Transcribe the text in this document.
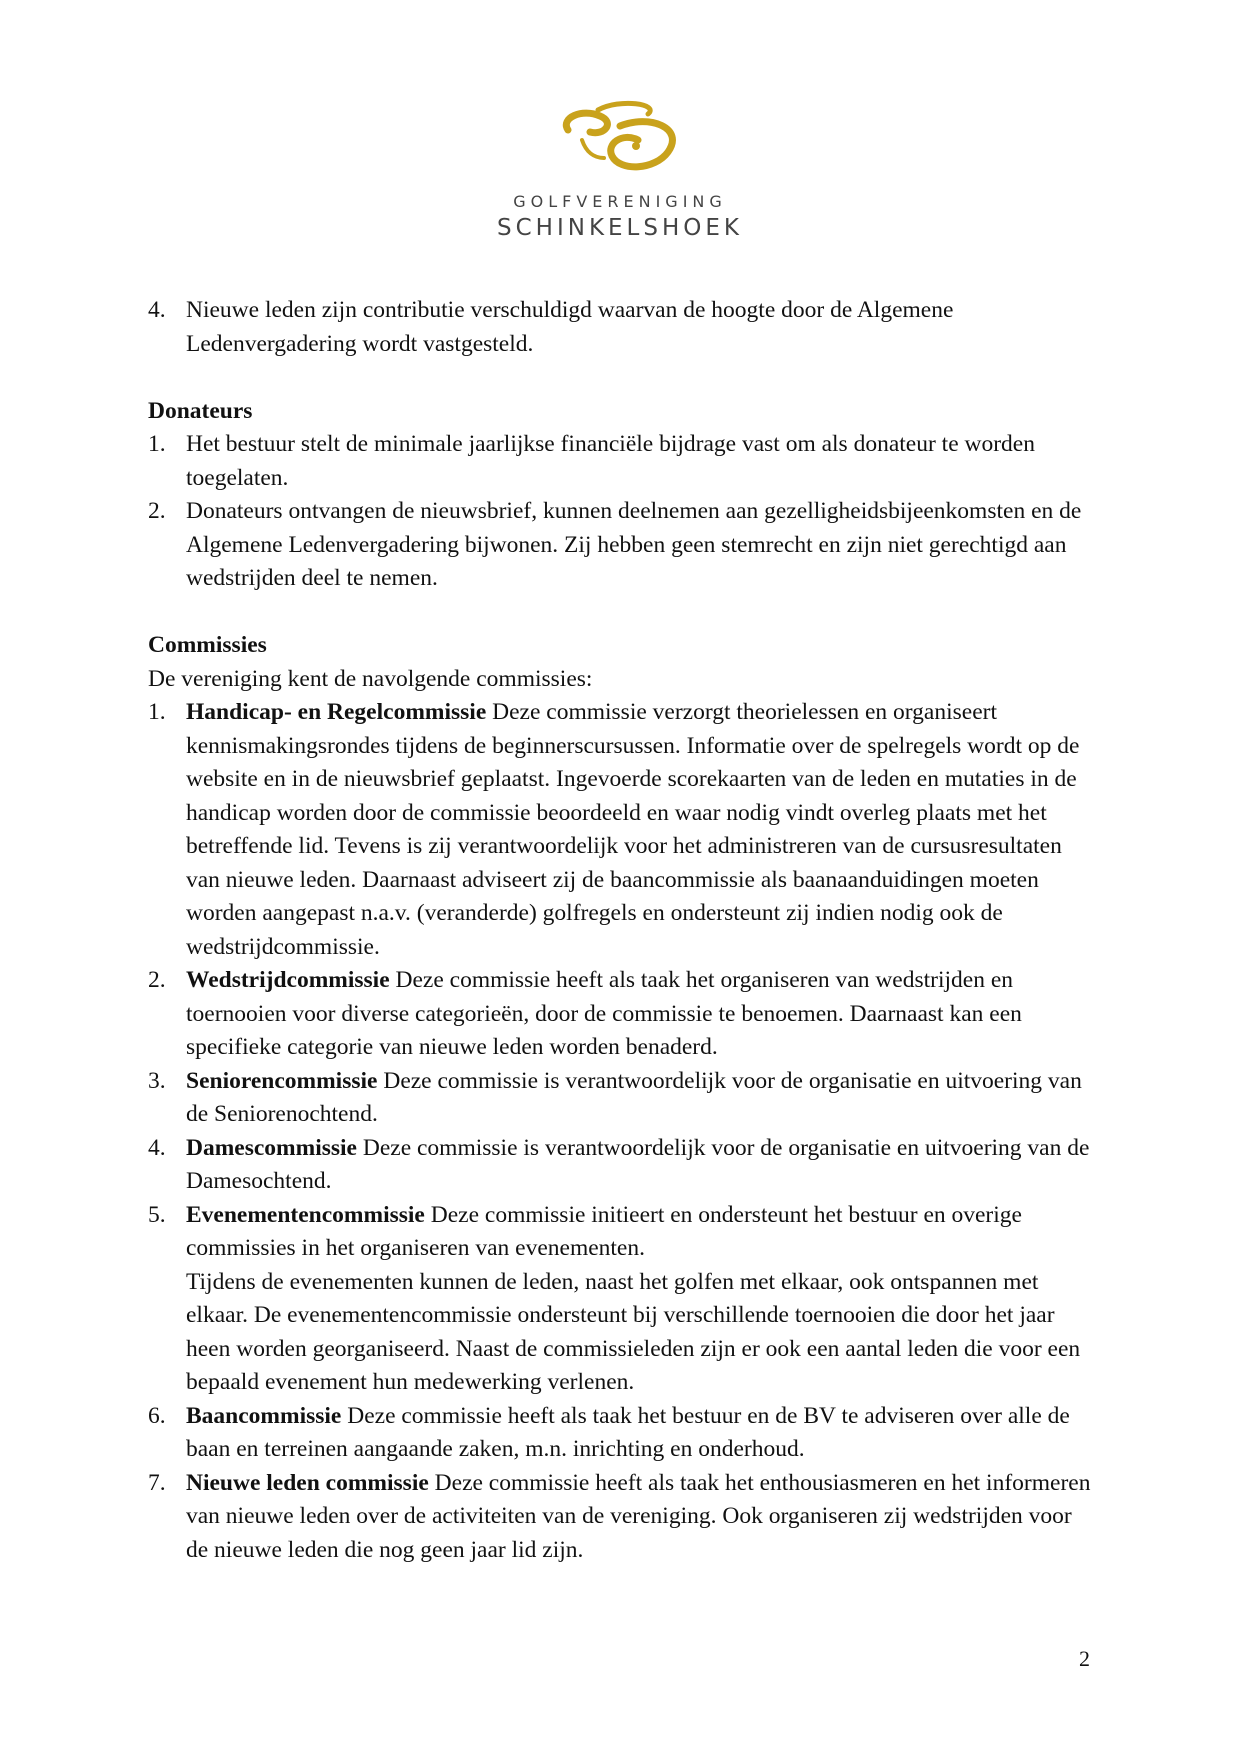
GOLFVERENIGING
SCHINKELSHOEK
4. Nieuwe leden zijn contributie verschuldigd waarvan de hoogte door de Algemene Ledenvergadering wordt vastgesteld.
Donateurs
1. Het bestuur stelt de minimale jaarlijkse financiële bijdrage vast om als donateur te worden toegelaten.
2. Donateurs ontvangen de nieuwsbrief, kunnen deelnemen aan gezelligheidsbijeenkomsten en de Algemene Ledenvergadering bijwonen. Zij hebben geen stemrecht en zijn niet gerechtigd aan wedstrijden deel te nemen.
Commissies
De vereniging kent de navolgende commissies:
1. Handicap- en Regelcommissie Deze commissie verzorgt theorielessen en organiseert kennismakingsrondes tijdens de beginnerscursussen. Informatie over de spelregels wordt op de website en in de nieuwsbrief geplaatst. Ingevoerde scorekaarten van de leden en mutaties in de handicap worden door de commissie beoordeeld en waar nodig vindt overleg plaats met het betreffende lid. Tevens is zij verantwoordelijk voor het administreren van de cursusresultaten van nieuwe leden. Daarnaast adviseert zij de baancommissie als baanaanduidingen moeten worden aangepast n.a.v. (veranderde) golfregels en ondersteunt zij indien nodig ook de wedstrijdcommissie.
2. Wedstrijdcommissie Deze commissie heeft als taak het organiseren van wedstrijden en toernooien voor diverse categorieën, door de commissie te benoemen. Daarnaast kan een specifieke categorie van nieuwe leden worden benaderd.
3. Seniorencommissie Deze commissie is verantwoordelijk voor de organisatie en uitvoering van de Seniorenochtend.
4. Damescommissie Deze commissie is verantwoordelijk voor de organisatie en uitvoering van de Damesochtend.
5. Evenementencommissie Deze commissie initieert en ondersteunt het bestuur en overige commissies in het organiseren van evenementen.
Tijdens de evenementen kunnen de leden, naast het golfen met elkaar, ook ontspannen met elkaar. De evenementencommissie ondersteunt bij verschillende toernooien die door het jaar heen worden georganiseerd. Naast de commissieleden zijn er ook een aantal leden die voor een bepaald evenement hun medewerking verlenen.
6. Baancommissie Deze commissie heeft als taak het bestuur en de BV te adviseren over alle de baan en terreinen aangaande zaken, m.n. inrichting en onderhoud.
7. Nieuwe leden commissie Deze commissie heeft als taak het enthousiasmeren en het informeren van nieuwe leden over de activiteiten van de vereniging. Ook organiseren zij wedstrijden voor de nieuwe leden die nog geen jaar lid zijn.
2
